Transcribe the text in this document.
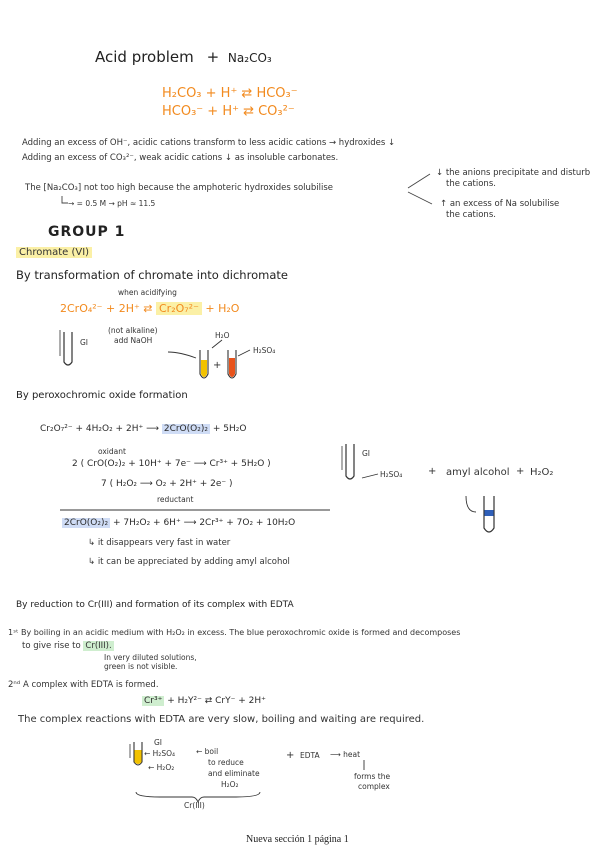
Acid problem + Na₂CO₃
H₂CO₃ + H⁺ ⇄ HCO₃⁻
HCO₃⁻ + H⁺ ⇄ CO₃²⁻
Adding an excess of OH⁻, acidic cations transform to less acidic cations → hydroxides ↓
Adding an excess of CO₃²⁻, weak acidic cations ↓ as insoluble carbonates.
The [Na₂CO₃] not too high because the amphoteric hydroxides solubilise
→ = 0.5 M → pH ≈ 11.5
↓ the anions precipitate and disturb
the cations.
↑ an excess of Na solubilise
the cations.
GROUP 1
Chromate (VI)
By transformation of chromate into dichromate
when acidifying
2CrO₄²⁻ + 2H⁺ ⇄ Cr₂O₇²⁻ + H₂O
GI
(not alkaline)
add NaOH
H₂O
H₂SO₄
+
By peroxochromic oxide formation
Cr₂O₇²⁻ + 4H₂O₂ + 2H⁺ ⟶ 2CrO(O₂)₂ + 5H₂O
oxidant
2 ( CrO(O₂)₂ + 10H⁺ + 7e⁻ ⟶ Cr³⁺ + 5H₂O )
7 ( H₂O₂ ⟶ O₂ + 2H⁺ + 2e⁻ )
reductant
2CrO(O₂)₂ + 7H₂O₂ + 6H⁺ ⟶ 2Cr³⁺ + 7O₂ + 10H₂O
↳ it disappears very fast in water
↳ it can be appreciated by adding amyl alcohol
GI
H₂SO₄	+ amyl alcohol + H₂O₂
By reduction to Cr(III) and formation of its complex with EDTA
1ˢᵗ By boiling in an acidic medium with H₂O₂ in excess. The blue peroxochromic oxide is formed and decomposes
to give rise to Cr(III).
In very diluted solutions,
green is not visible.
2ⁿᵈ A complex with EDTA is formed.
Cr³⁺ + H₂Y²⁻ ⇄ CrY⁻ + 2H⁺
The complex reactions with EDTA are very slow, boiling and waiting are required.
GI
← H₂SO₄
← H₂O₂
← boil
to reduce
and eliminate
H₂O₂
+ EDTA ⟶ heat
forms the
complex
Cr(III)
Nueva sección 1 página 1
